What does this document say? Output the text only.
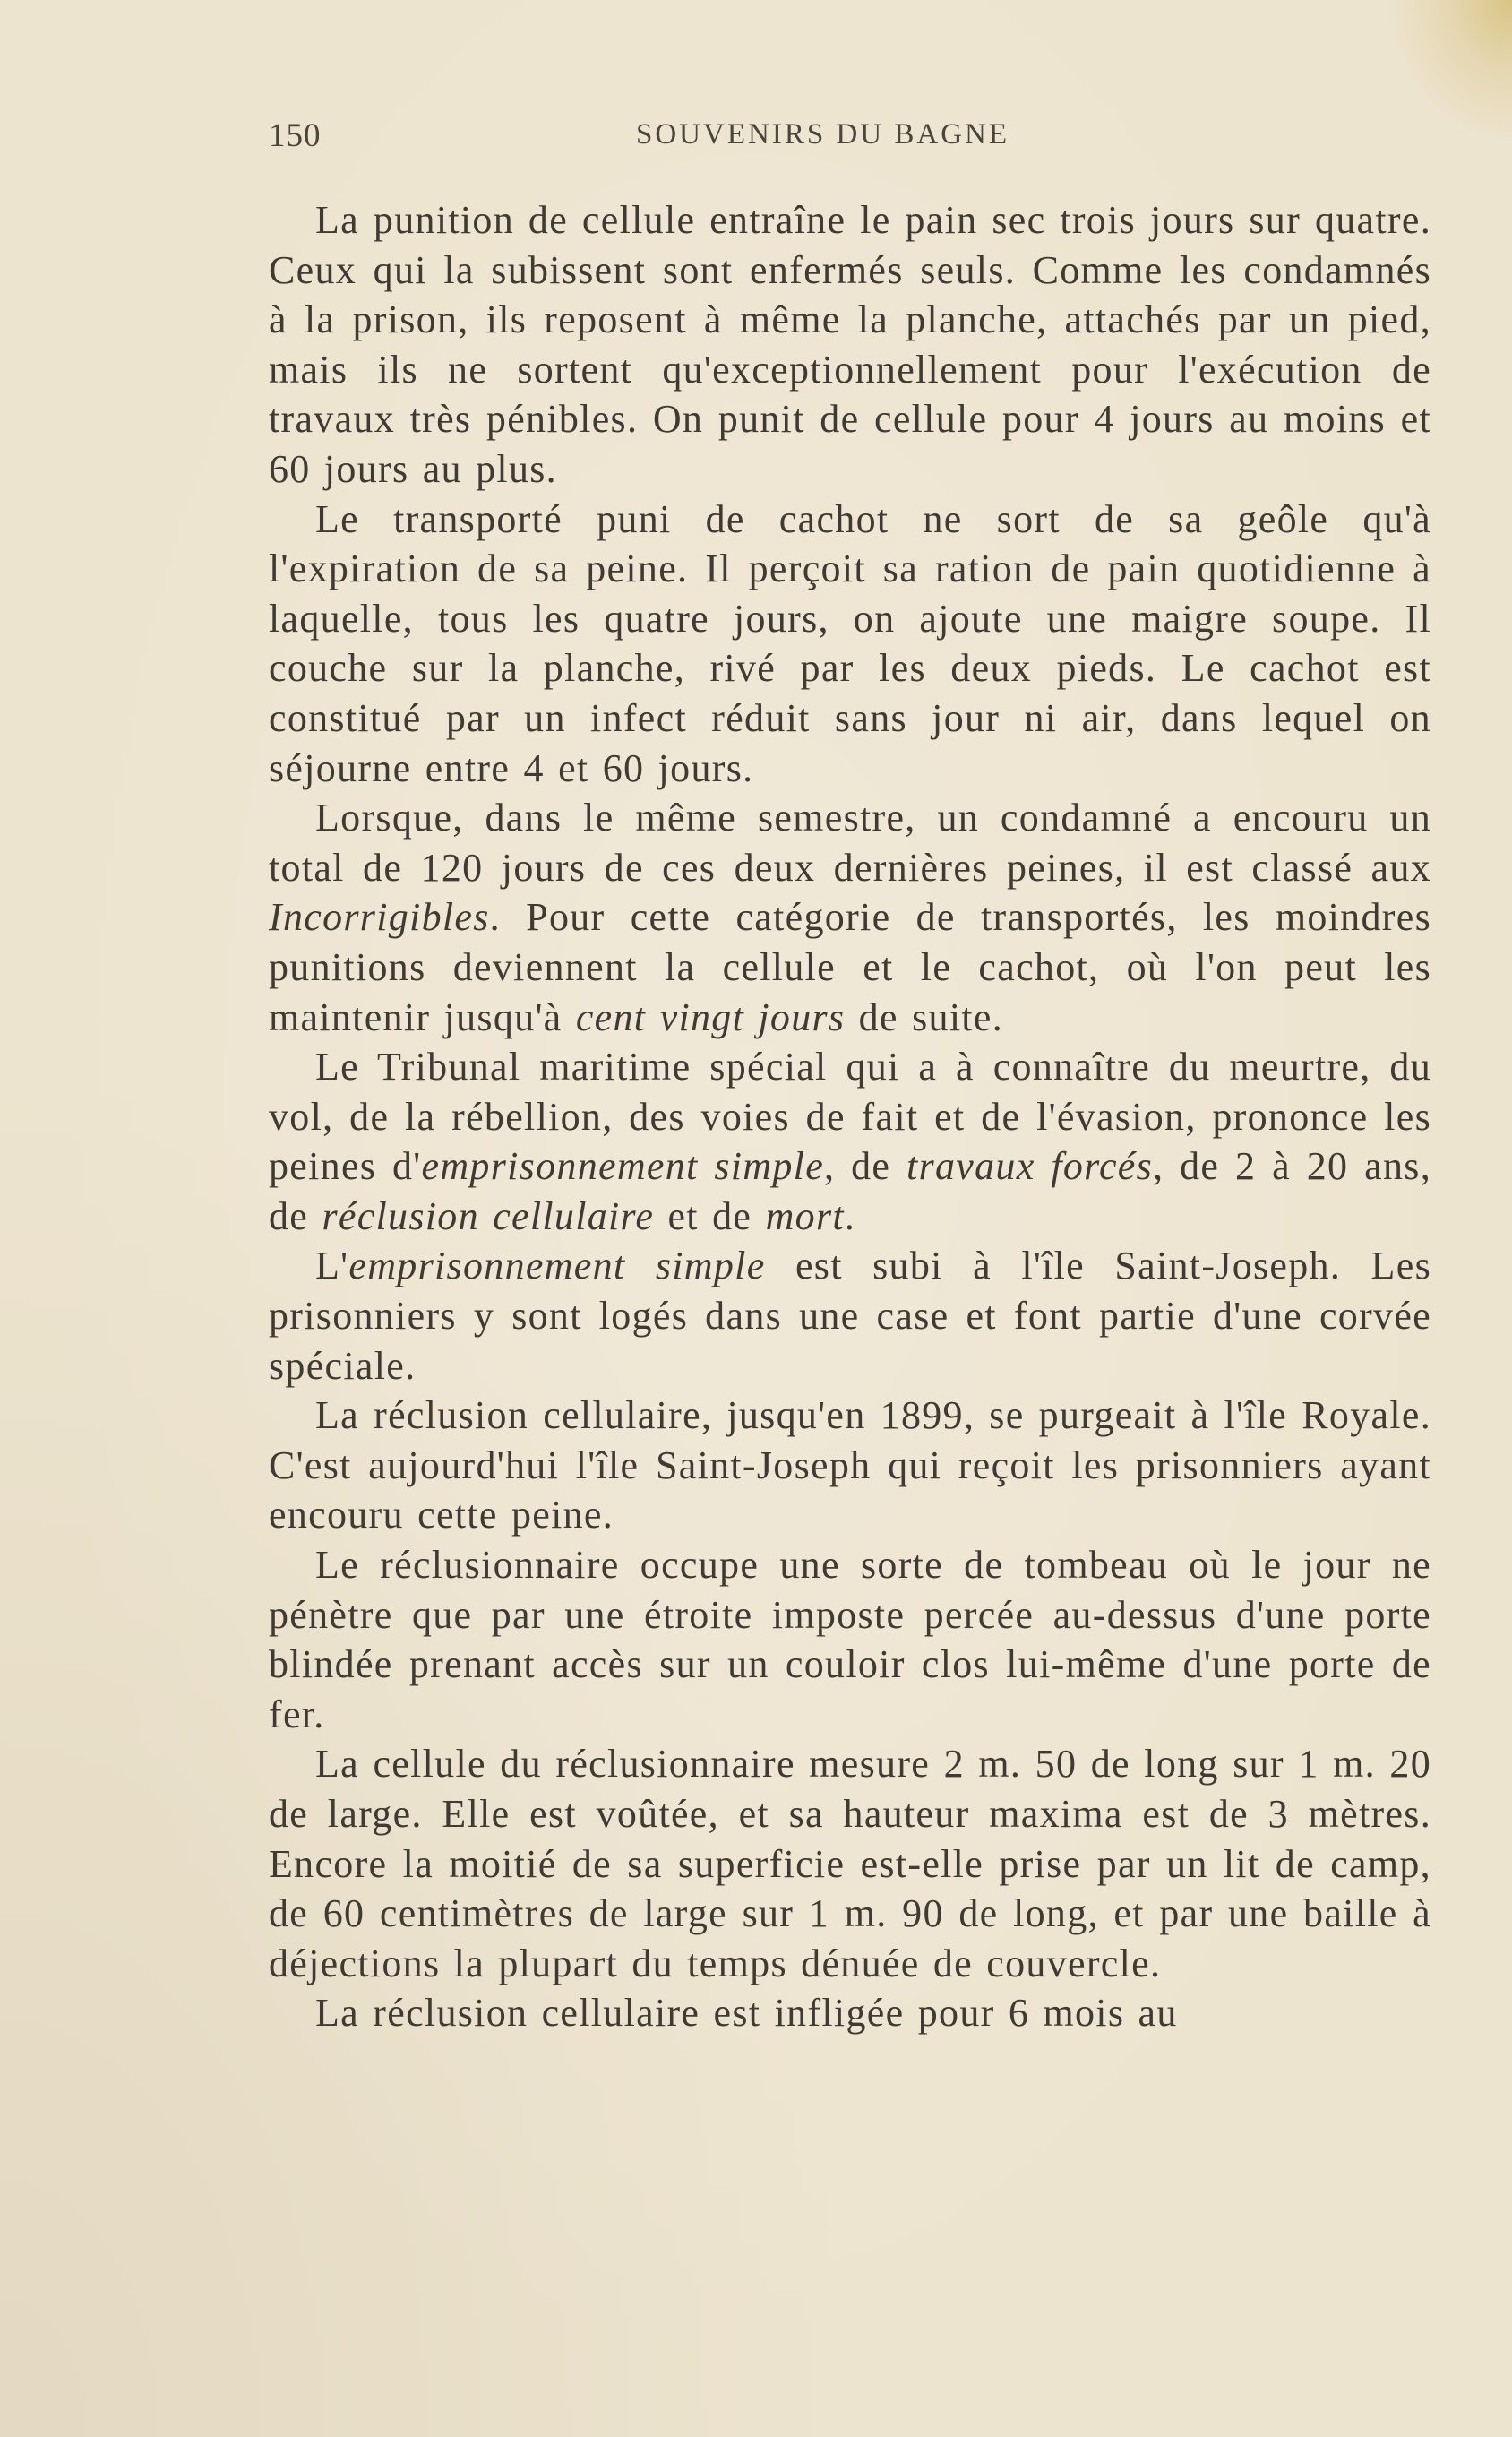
150	SOUVENIRS DU BAGNE

La punition de cellule entraîne le pain sec trois jours sur quatre. Ceux qui la subissent sont enfermés seuls. Comme les condamnés à la prison, ils reposent à même la planche, attachés par un pied, mais ils ne sortent qu'exceptionnellement pour l'exécution de travaux très pénibles. On punit de cellule pour 4 jours au moins et 60 jours au plus.

Le transporté puni de cachot ne sort de sa geôle qu'à l'expiration de sa peine. Il perçoit sa ration de pain quotidienne à laquelle, tous les quatre jours, on ajoute une maigre soupe. Il couche sur la planche, rivé par les deux pieds. Le cachot est constitué par un infect réduit sans jour ni air, dans lequel on séjourne entre 4 et 60 jours.

Lorsque, dans le même semestre, un condamné a encouru un total de 120 jours de ces deux dernières peines, il est classé aux Incorrigibles. Pour cette catégorie de transportés, les moindres punitions deviennent la cellule et le cachot, où l'on peut les maintenir jusqu'à cent vingt jours de suite.

Le Tribunal maritime spécial qui a à connaître du meurtre, du vol, de la rébellion, des voies de fait et de l'évasion, prononce les peines d'emprisonnement simple, de travaux forcés, de 2 à 20 ans, de réclusion cellulaire et de mort.

L'emprisonnement simple est subi à l'île Saint-Joseph. Les prisonniers y sont logés dans une case et font partie d'une corvée spéciale.

La réclusion cellulaire, jusqu'en 1899, se purgeait à l'île Royale. C'est aujourd'hui l'île Saint-Joseph qui reçoit les prisonniers ayant encouru cette peine.

Le réclusionnaire occupe une sorte de tombeau où le jour ne pénètre que par une étroite imposte percée au-dessus d'une porte blindée prenant accès sur un couloir clos lui-même d'une porte de fer.

La cellule du réclusionnaire mesure 2 m. 50 de long sur 1 m. 20 de large. Elle est voûtée, et sa hauteur maxima est de 3 mètres. Encore la moitié de sa superficie est-elle prise par un lit de camp, de 60 centimètres de large sur 1 m. 90 de long, et par une baille à déjections la plupart du temps dénuée de couvercle.

La réclusion cellulaire est infligée pour 6 mois au
